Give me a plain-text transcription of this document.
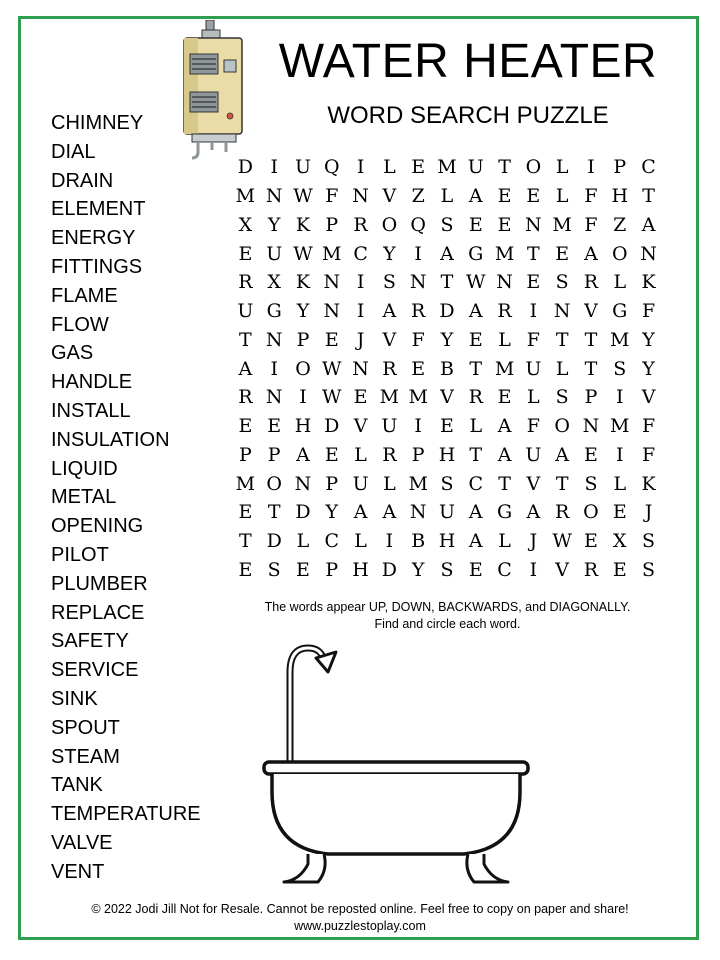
WATER HEATER
WORD SEARCH PUZZLE
CHIMNEY
DIAL
DRAIN
ELEMENT
ENERGY
FITTINGS
FLAME
FLOW
GAS
HANDLE
INSTALL
INSULATION
LIQUID
METAL
OPENING
PILOT
PLUMBER
REPLACE
SAFETY
SERVICE
SINK
SPOUT
STEAM
TANK
TEMPERATURE
VALVE
VENT
D I U Q I L E M U T O L I P C
M N W F N V Z L A E E L F H T
X Y K P R O Q S E E N M F Z A
E U W M C Y I A G M T E A O N
R X K N I S N T W N E S R L K
U G Y N I A R D A R I N V G F
T N P E J V F Y E L F T T M Y
A I O W N R E B T M U L T S Y
R N I W E M M V R E L S P I V
E E H D V U I E L A F O N M F
P P A E L R P H T A U A E I F
M O N P U L M S C T V T S L K
E T D Y A A N U A G A R O E J
T D L C L I B H A L J W E X S
E S E P H D Y S E C I V R E S
The words appear UP, DOWN, BACKWARDS, and DIAGONALLY.
Find and circle each word.
© 2022 Jodi Jill Not for Resale. Cannot be reposted online. Feel free to copy on paper and share!
www.puzzlestoplay.com
